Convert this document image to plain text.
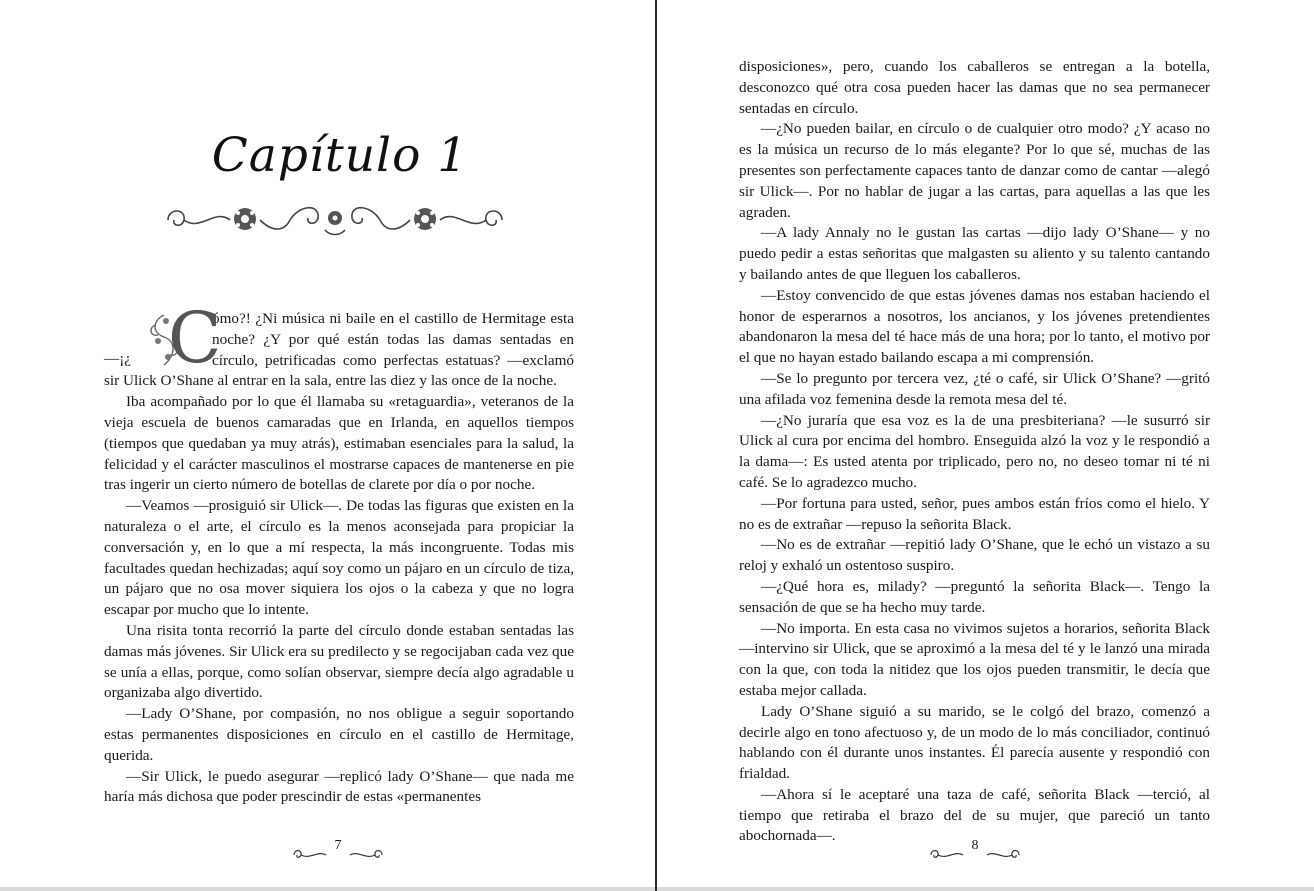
Capítulo 1
—¡¿ C

ómo?! ¿Ni música ni baile en el castillo de Hermitage esta noche? ¿Y por qué están todas las damas sentadas en círculo, petrificadas como perfectas estatuas? —exclamó sir Ulick O’Shane al entrar en la sala, entre las diez y las once de la noche.

Iba acompañado por lo que él llamaba su «retaguardia», veteranos de la vieja escuela de buenos camaradas que en Irlanda, en aquellos tiempos (tiempos que quedaban ya muy atrás), estimaban esenciales para la salud, la felicidad y el carácter masculinos el mostrarse capaces de mantenerse en pie tras ingerir un cierto número de botellas de clarete por día o por noche.

—Veamos —prosiguió sir Ulick—. De todas las figuras que existen en la naturaleza o el arte, el círculo es la menos aconsejada para propiciar la conversación y, en lo que a mí respecta, la más incongruente. Todas mis facultades quedan hechizadas; aquí soy como un pájaro en un círculo de tiza, un pájaro que no osa mover siquiera los ojos o la cabeza y que no logra escapar por mucho que lo intente.

Una risita tonta recorrió la parte del círculo donde estaban sentadas las damas más jóvenes. Sir Ulick era su predilecto y se regocijaban cada vez que se unía a ellas, porque, como solían observar, siempre decía algo agradable u organizaba algo divertido.

—Lady O’Shane, por compasión, no nos obligue a seguir soportando estas permanentes disposiciones en círculo en el castillo de Hermitage, querida.

—Sir Ulick, le puedo asegurar —replicó lady O’Shane— que nada me haría más dichosa que poder prescindir de estas «permanentes

7

disposiciones», pero, cuando los caballeros se entregan a la botella, desconozco qué otra cosa pueden hacer las damas que no sea permanecer sentadas en círculo.

—¿No pueden bailar, en círculo o de cualquier otro modo? ¿Y acaso no es la música un recurso de lo más elegante? Por lo que sé, muchas de las presentes son perfectamente capaces tanto de danzar como de cantar —alegó sir Ulick—. Por no hablar de jugar a las cartas, para aquellas a las que les agraden.

—A lady Annaly no le gustan las cartas —dijo lady O’Shane— y no puedo pedir a estas señoritas que malgasten su aliento y su talento cantando y bailando antes de que lleguen los caballeros.

—Estoy convencido de que estas jóvenes damas nos estaban haciendo el honor de esperarnos a nosotros, los ancianos, y los jóvenes pretendientes abandonaron la mesa del té hace más de una hora; por lo tanto, el motivo por el que no hayan estado bailando escapa a mi comprensión.

—Se lo pregunto por tercera vez, ¿té o café, sir Ulick O’Shane? —gritó una afilada voz femenina desde la remota mesa del té.

—¿No juraría que esa voz es la de una presbiteriana? —le susurró sir Ulick al cura por encima del hombro. Enseguida alzó la voz y le respondió a la dama—: Es usted atenta por triplicado, pero no, no deseo tomar ni té ni café. Se lo agradezco mucho.

—Por fortuna para usted, señor, pues ambos están fríos como el hielo. Y no es de extrañar —repuso la señorita Black.

—No es de extrañar —repitió lady O’Shane, que le echó un vistazo a su reloj y exhaló un ostentoso suspiro.

—¿Qué hora es, milady? —preguntó la señorita Black—. Tengo la sensación de que se ha hecho muy tarde.

—No importa. En esta casa no vivimos sujetos a horarios, señorita Black —intervino sir Ulick, que se aproximó a la mesa del té y le lanzó una mirada con la que, con toda la nitidez que los ojos pueden transmitir, le decía que estaba mejor callada.

Lady O’Shane siguió a su marido, se le colgó del brazo, comenzó a decirle algo en tono afectuoso y, de un modo de lo más conciliador, continuó hablando con él durante unos instantes. Él parecía ausente y respondió con frialdad.

—Ahora sí le aceptaré una taza de café, señorita Black —terció, al tiempo que retiraba el brazo del de su mujer, que pareció un tanto abochornada—.

8
